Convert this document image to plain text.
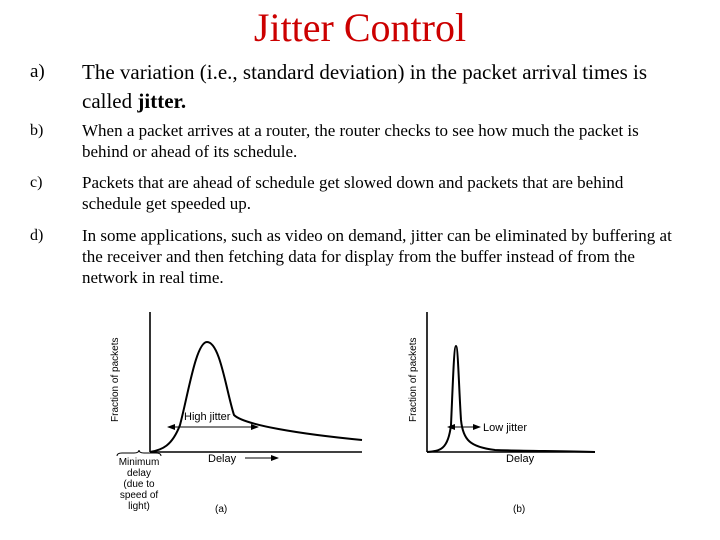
Jitter Control
a) The variation (i.e., standard deviation) in the packet arrival times is called jitter.
b) When a packet arrives at a router, the router checks to see how much the packet is behind or ahead of its schedule.
c) Packets that are ahead of schedule get slowed down and packets that are behind schedule get speeded up.
d) In some applications, such as video on demand, jitter can be eliminated by buffering at the receiver and then fetching data for display from the buffer instead of from the network in real time.
High jitter
Fraction of packets
Delay
Minimum
delay
(due to
speed of
light)	(a)
Low jitter
Fraction of packets
Delay
(b)
